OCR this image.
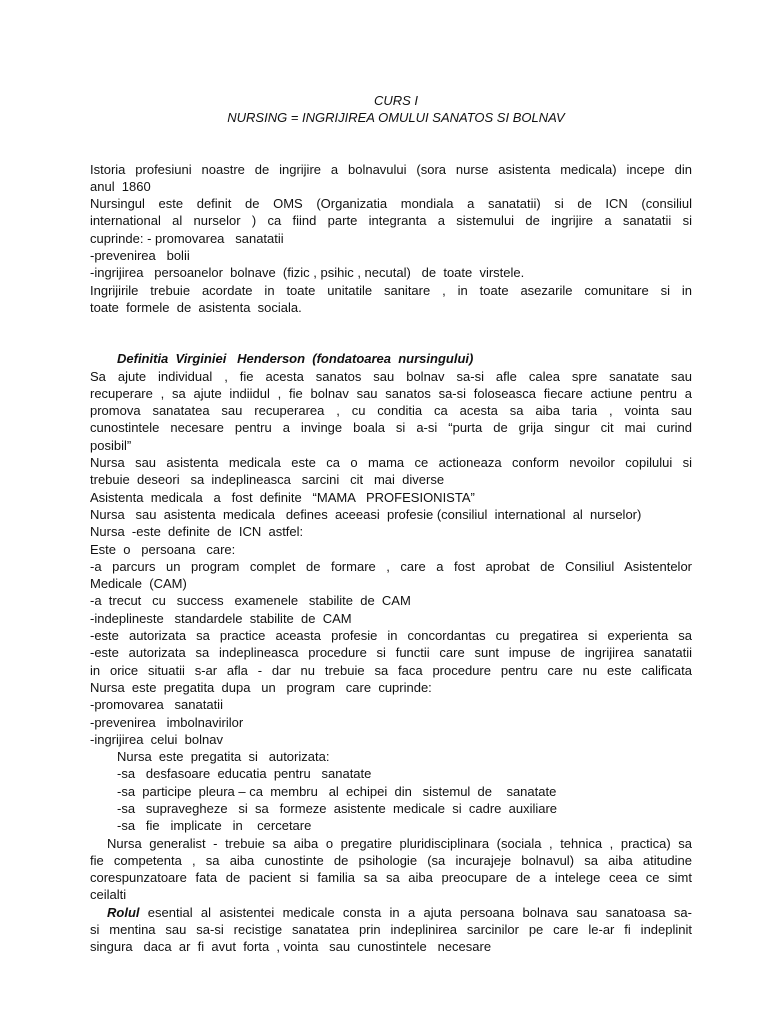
CURS I
NURSING = INGRIJIREA OMULUI SANATOS SI BOLNAV
Istoria profesiuni noastre de ingrijire a bolnavului (sora nurse asistenta medicala) incepe din
anul  1860
Nursingul este definit de OMS (Organizatia mondiala a sanatatii) si de ICN (consiliul
international al nurselor ) ca fiind parte integranta a sistemului de ingrijire a sanatatii si
cuprinde: - promovarea   sanatatii
-prevenirea   bolii
-ingrijirea   persoanelor  bolnave  (fizic , psihic , necutal)   de  toate  virstele.
Ingrijirile trebuie acordate in toate unitatile sanitare , in toate asezarile comunitare si in
toate  formele  de  asistenta  sociala.
Definitia  Virginiei   Henderson  (fondatoarea  nursingului)
Sa ajute individual , fie acesta sanatos sau bolnav sa-si afle calea spre sanatate sau
recuperare , sa ajute indiidul , fie bolnav sau sanatos sa-si foloseasca fiecare actiune pentru a
promova sanatatea sau recuperarea , cu conditia ca acesta sa aiba taria , vointa sau
cunostintele necesare pentru a invinge boala si a-si “purta de grija singur cit mai curind
posibil”
Nursa sau asistenta medicala este ca o mama ce actioneaza conform nevoilor copilului si
trebuie  deseori   sa  indeplineasca   sarcini   cit   mai  diverse
Asistenta  medicala   a   fost  definite   “MAMA   PROFESIONISTA”
Nursa   sau  asistenta  medicala   defines  aceeasi  profesie (consiliul  international  al  nurselor)
Nursa  -este  definite  de  ICN  astfel:
Este  o   persoana   care:
-a parcurs un program complet de formare , care a fost aprobat de Consiliul Asistentelor
Medicale  (CAM)
-a  trecut   cu   success   examenele   stabilite  de  CAM
-indeplineste   standardele  stabilite  de  CAM
-este autorizata sa practice aceasta profesie in concordantas cu pregatirea si experienta sa
-este autorizata sa indeplineasca procedure si functii care sunt impuse de ingrijirea sanatatii
in orice situatii s-ar afla - dar nu trebuie sa faca procedure pentru care nu este calificata
Nursa  este  pregatita  dupa   un   program   care  cuprinde:
-promovarea   sanatatii
-prevenirea   imbolnavirilor
-ingrijirea  celui  bolnav
Nursa  este  pregatita  si   autorizata:
-sa   desfasoare  educatia  pentru   sanatate
-sa  participe  pleura – ca  membru   al  echipei  din   sistemul  de    sanatate
-sa   supravegheze   si  sa   formeze  asistente  medicale  si  cadre  auxiliare
-sa   fie   implicate   in    cercetare
Nursa generalist - trebuie sa aiba o pregatire pluridisciplinara (sociala , tehnica , practica) sa
fie competenta , sa aiba cunostinte de psihologie (sa incurajeje bolnavul) sa aiba atitudine
corespunzatoare fata de pacient si familia sa sa aiba preocupare de a intelege ceea ce simt
ceilalti
Rolul esential al asistentei medicale consta in a ajuta persoana bolnava sau sanatoasa sa-
si mentina sau sa-si recistige sanatatea prin indeplinirea sarcinilor pe care le-ar fi indeplinit
singura   daca  ar  fi  avut  forta  , vointa   sau  cunostintele   necesare
